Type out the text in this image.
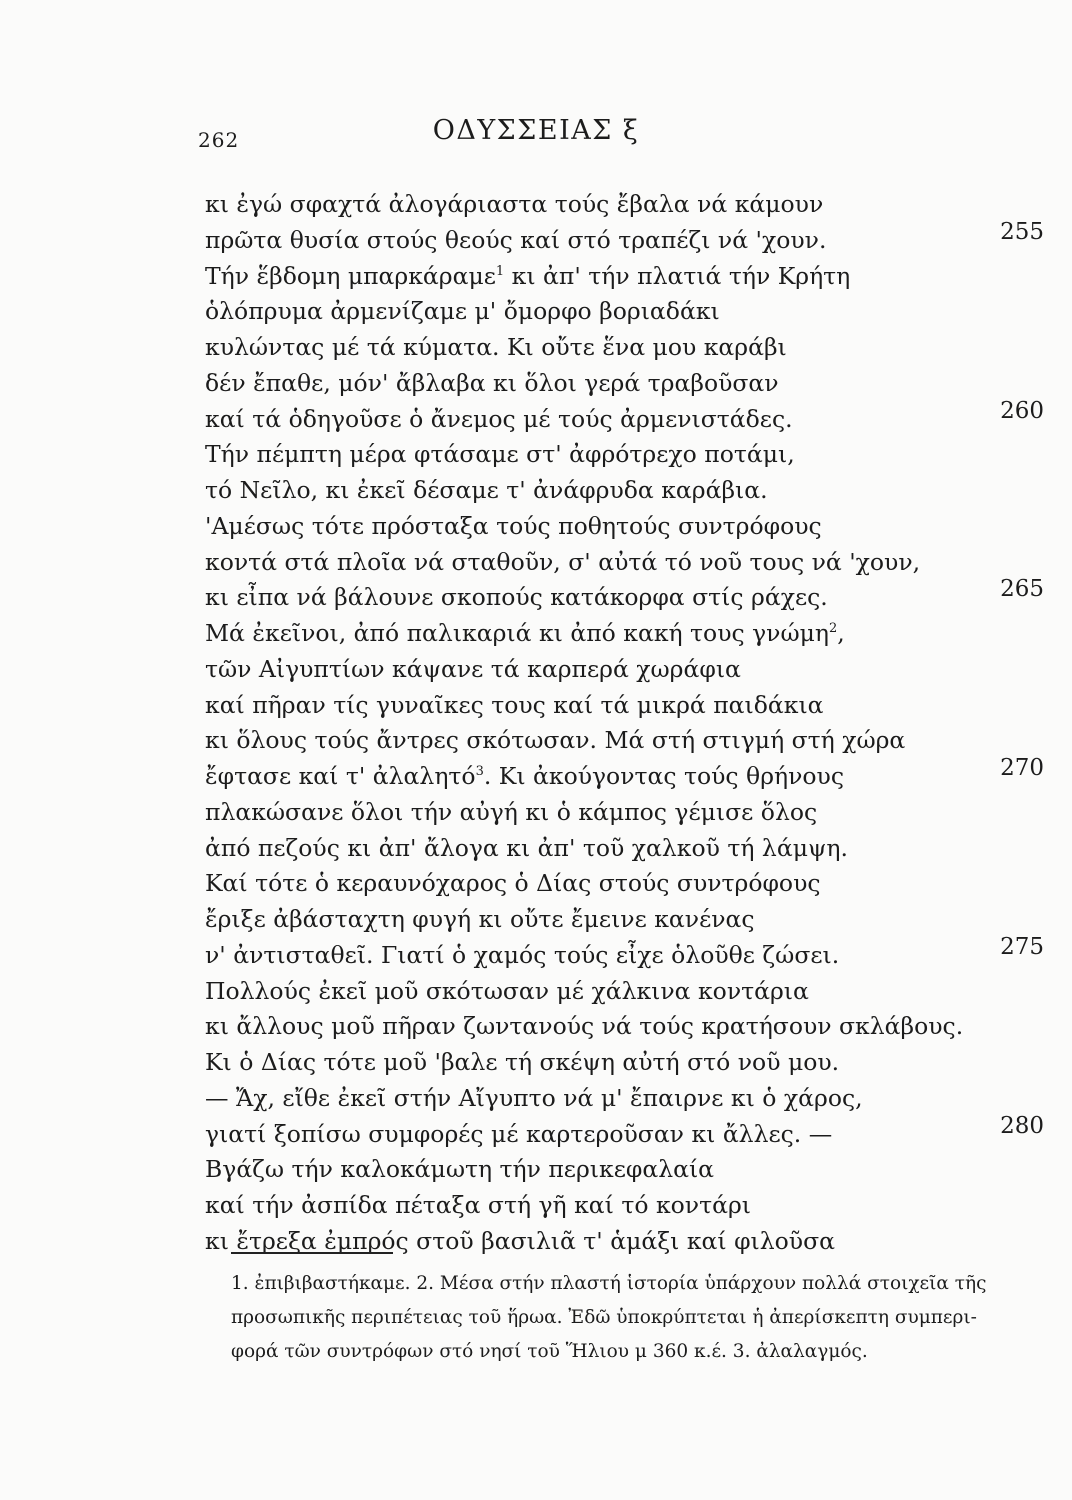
262	ΟΔΥΣΣΕΙΑΣ ξ
κι ἐγώ σφαχτά ἀλογάριαστα τούς ἔβαλα νά κάμουν
πρῶτα θυσία στούς θεούς καί στό τραπέζι νά 'χουν.
Τήν ἕβδομη μπαρκάραμε$^1$ κι ἀπ' τήν πλατιά τήν Κρήτη
ὁλόπρυμα ἀρμενίζαμε μ' ὄμορφο βοριαδάκι
κυλώντας μέ τά κύματα. Κι οὔτε ἕνα μου καράβι
δέν ἔπαθε, μόν' ἄβλαβα κι ὅλοι γερά τραβοῦσαν
καί τά ὁδηγοῦσε ὁ ἄνεμος μέ τούς ἀρμενιστάδες.
Τήν πέμπτη μέρα φτάσαμε στ' ἀφρότρεχο ποτάμι,
τό Νεῖλο, κι ἐκεῖ δέσαμε τ' ἀνάφρυδα καράβια.
'Αμέσως τότε πρόσταξα τούς ποθητούς συντρόφους
κοντά στά πλοῖα νά σταθοῦν, σ' αὐτά τό νοῦ τους νά 'χουν,
κι εἶπα νά βάλουνε σκοπούς κατάκορφα στίς ράχες.
Μά ἐκεῖνοι, ἀπό παλικαριά κι ἀπό κακή τους γνώμη$^2$,
τῶν Αἰγυπτίων κάψανε τά καρπερά χωράφια
καί πῆραν τίς γυναῖκες τους καί τά μικρά παιδάκια
κι ὅλους τούς ἄντρες σκότωσαν. Μά στή στιγμή στή χώρα
ἔφτασε καί τ' ἀλαλητό$^3$. Κι ἀκούγοντας τούς θρήνους
πλακώσανε ὅλοι τήν αὐγή κι ὁ κάμπος γέμισε ὅλος
ἀπό πεζούς κι ἀπ' ἄλογα κι ἀπ' τοῦ χαλκοῦ τή λάμψη.
Καί τότε ὁ κεραυνόχαρος ὁ Δίας στούς συντρόφους
ἔριξε ἀβάσταχτη φυγή κι οὔτε ἔμεινε κανένας
ν' ἀντισταθεῖ. Γιατί ὁ χαμός τούς εἶχε ὁλοῦθε ζώσει.
Πολλούς ἐκεῖ μοῦ σκότωσαν μέ χάλκινα κοντάρια
κι ἄλλους μοῦ πῆραν ζωντανούς νά τούς κρατήσουν σκλάβους.
Κι ὁ Δίας τότε μοῦ 'βαλε τή σκέψη αὐτή στό νοῦ μου.
— Ἄχ, εἴθε ἐκεῖ στήν Αἴγυπτο νά μ' ἔπαιρνε κι ὁ χάρος,
γιατί ξοπίσω συμφορές μέ καρτεροῦσαν κι ἄλλες. —
Βγάζω τήν καλοκάμωτη τήν περικεφαλαία
καί τήν ἀσπίδα πέταξα στή γῆ καί τό κοντάρι
κι ἔτρεξα ἐμπρός στοῦ βασιλιᾶ τ' ἁμάξι καί φιλοῦσα
255
260
265
270
275
280

1. ἐπιβιβαστήκαμε. 2. Μέσα στήν πλαστή ἱστορία ὑπάρχουν πολλά στοιχεῖα τῆς

προσωπικῆς περιπέτειας τοῦ ἥρωα. Ἐδῶ ὑποκρύπτεται ἡ ἀπερίσκεπτη συμπερι-

φορά τῶν συντρόφων στό νησί τοῦ Ἥλιου μ 360 κ.έ. 3. ἀλαλαγμός.
